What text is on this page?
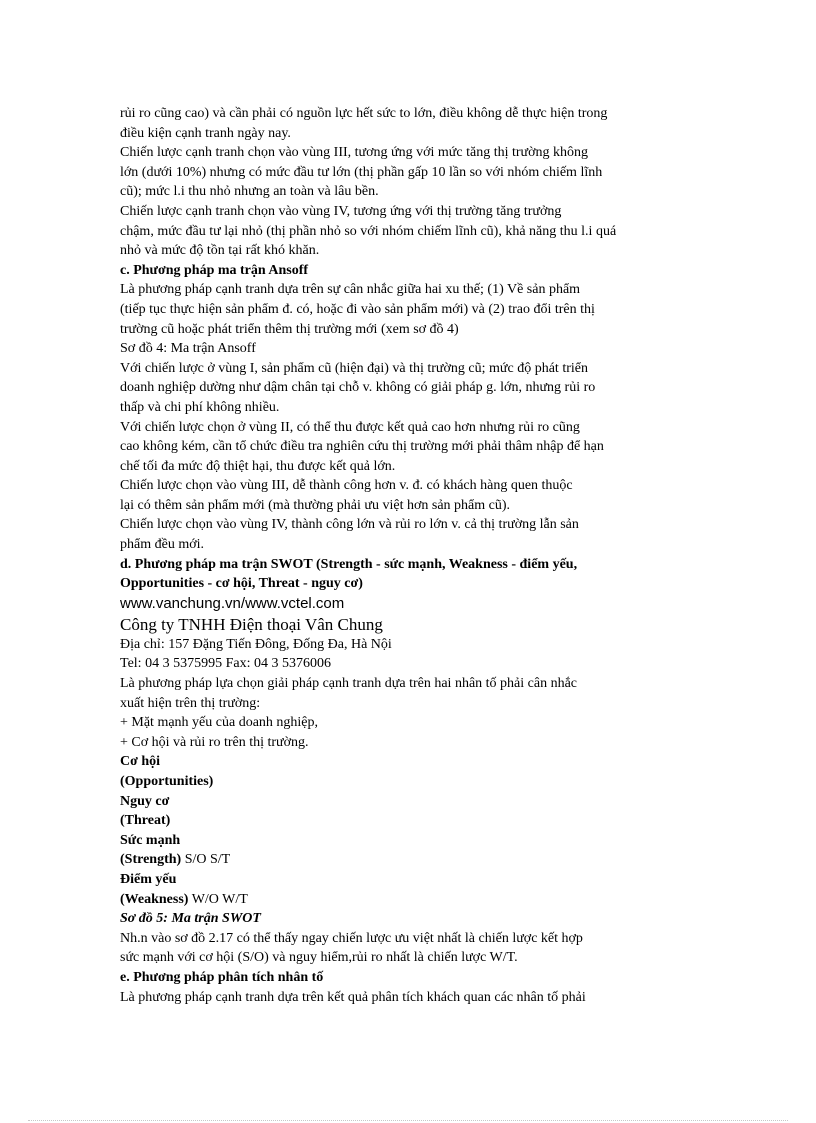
rủi ro cũng cao) và cần phải có nguồn lực hết sức to lớn, điều không dễ thực hiện trong
điều kiện cạnh tranh ngày nay.
Chiến lược cạnh tranh chọn vào vùng III, tương ứng với mức tăng thị trường không
lớn (dưới 10%) nhưng có mức đầu tư lớn (thị phần gấp 10 lần so với nhóm chiếm lĩnh
cũ); mức l.i thu nhỏ nhưng an toàn và lâu bền.
Chiến lược cạnh tranh chọn vào vùng IV, tương ứng với thị trường tăng trưởng
chậm, mức đầu tư lại nhỏ (thị phần nhỏ so với nhóm chiếm lĩnh cũ), khả năng thu l.i quá
nhỏ và mức độ tồn tại rất khó khăn.
c. Phương pháp ma trận Ansoff
Là phương pháp cạnh tranh dựa trên sự cân nhắc giữa hai xu thế; (1) Về sản phẩm
(tiếp tục thực hiện sản phẩm đ. có, hoặc đi vào sản phẩm mới) và (2) trao đổi trên thị
trường cũ hoặc phát triển thêm thị trường mới (xem sơ đồ 4)
Sơ đồ 4: Ma trận Ansoff
Với chiến lược ở vùng I, sản phẩm cũ (hiện đại) và thị trường cũ; mức độ phát triển
doanh nghiệp dường như dậm chân tại chỗ v. không có giải pháp g. lớn, nhưng rủi ro
thấp và chi phí không nhiều.
Với chiến lược chọn ở vùng II, có thể thu được kết quả cao hơn nhưng rủi ro cũng
cao không kém, cần tổ chức điều tra nghiên cứu thị trường mới phải thâm nhập để hạn
chế tối đa mức độ thiệt hại, thu được kết quả lớn.
Chiến lược chọn vào vùng III, dễ thành công hơn v. đ. có khách hàng quen thuộc
lại có thêm sản phẩm mới (mà thường phải ưu việt hơn sản phẩm cũ).
Chiến lược chọn vào vùng IV, thành công lớn và rủi ro lớn v. cả thị trường lẫn sản
phẩm đều mới.
d. Phương pháp ma trận SWOT (Strength - sức mạnh, Weakness - điểm yếu,
Opportunities - cơ hội, Threat - nguy cơ)
www.vanchung.vn/www.vctel.com
Công ty TNHH Điện thoại Vân Chung
Địa chỉ: 157 Đặng Tiến Đông, Đống Đa, Hà Nội
Tel: 04 3 5375995 Fax: 04 3 5376006
Là phương pháp lựa chọn giải pháp cạnh tranh dựa trên hai nhân tố phải cân nhắc
xuất hiện trên thị trường:
+ Mặt mạnh yếu của doanh nghiệp,
+ Cơ hội và rủi ro trên thị trường.
Cơ hội
(Opportunities)
Nguy cơ
(Threat)
Sức mạnh
(Strength) S/O S/T
Điểm yếu
(Weakness) W/O W/T
Sơ đồ 5: Ma trận SWOT
Nh.n vào sơ đồ 2.17 có thể thấy ngay chiến lược ưu việt nhất là chiến lược kết hợp
sức mạnh với cơ hội (S/O) và nguy hiểm,rủi ro nhất là chiến lược W/T.
e. Phương pháp phân tích nhân tố
Là phương pháp cạnh tranh dựa trên kết quả phân tích khách quan các nhân tố phải
